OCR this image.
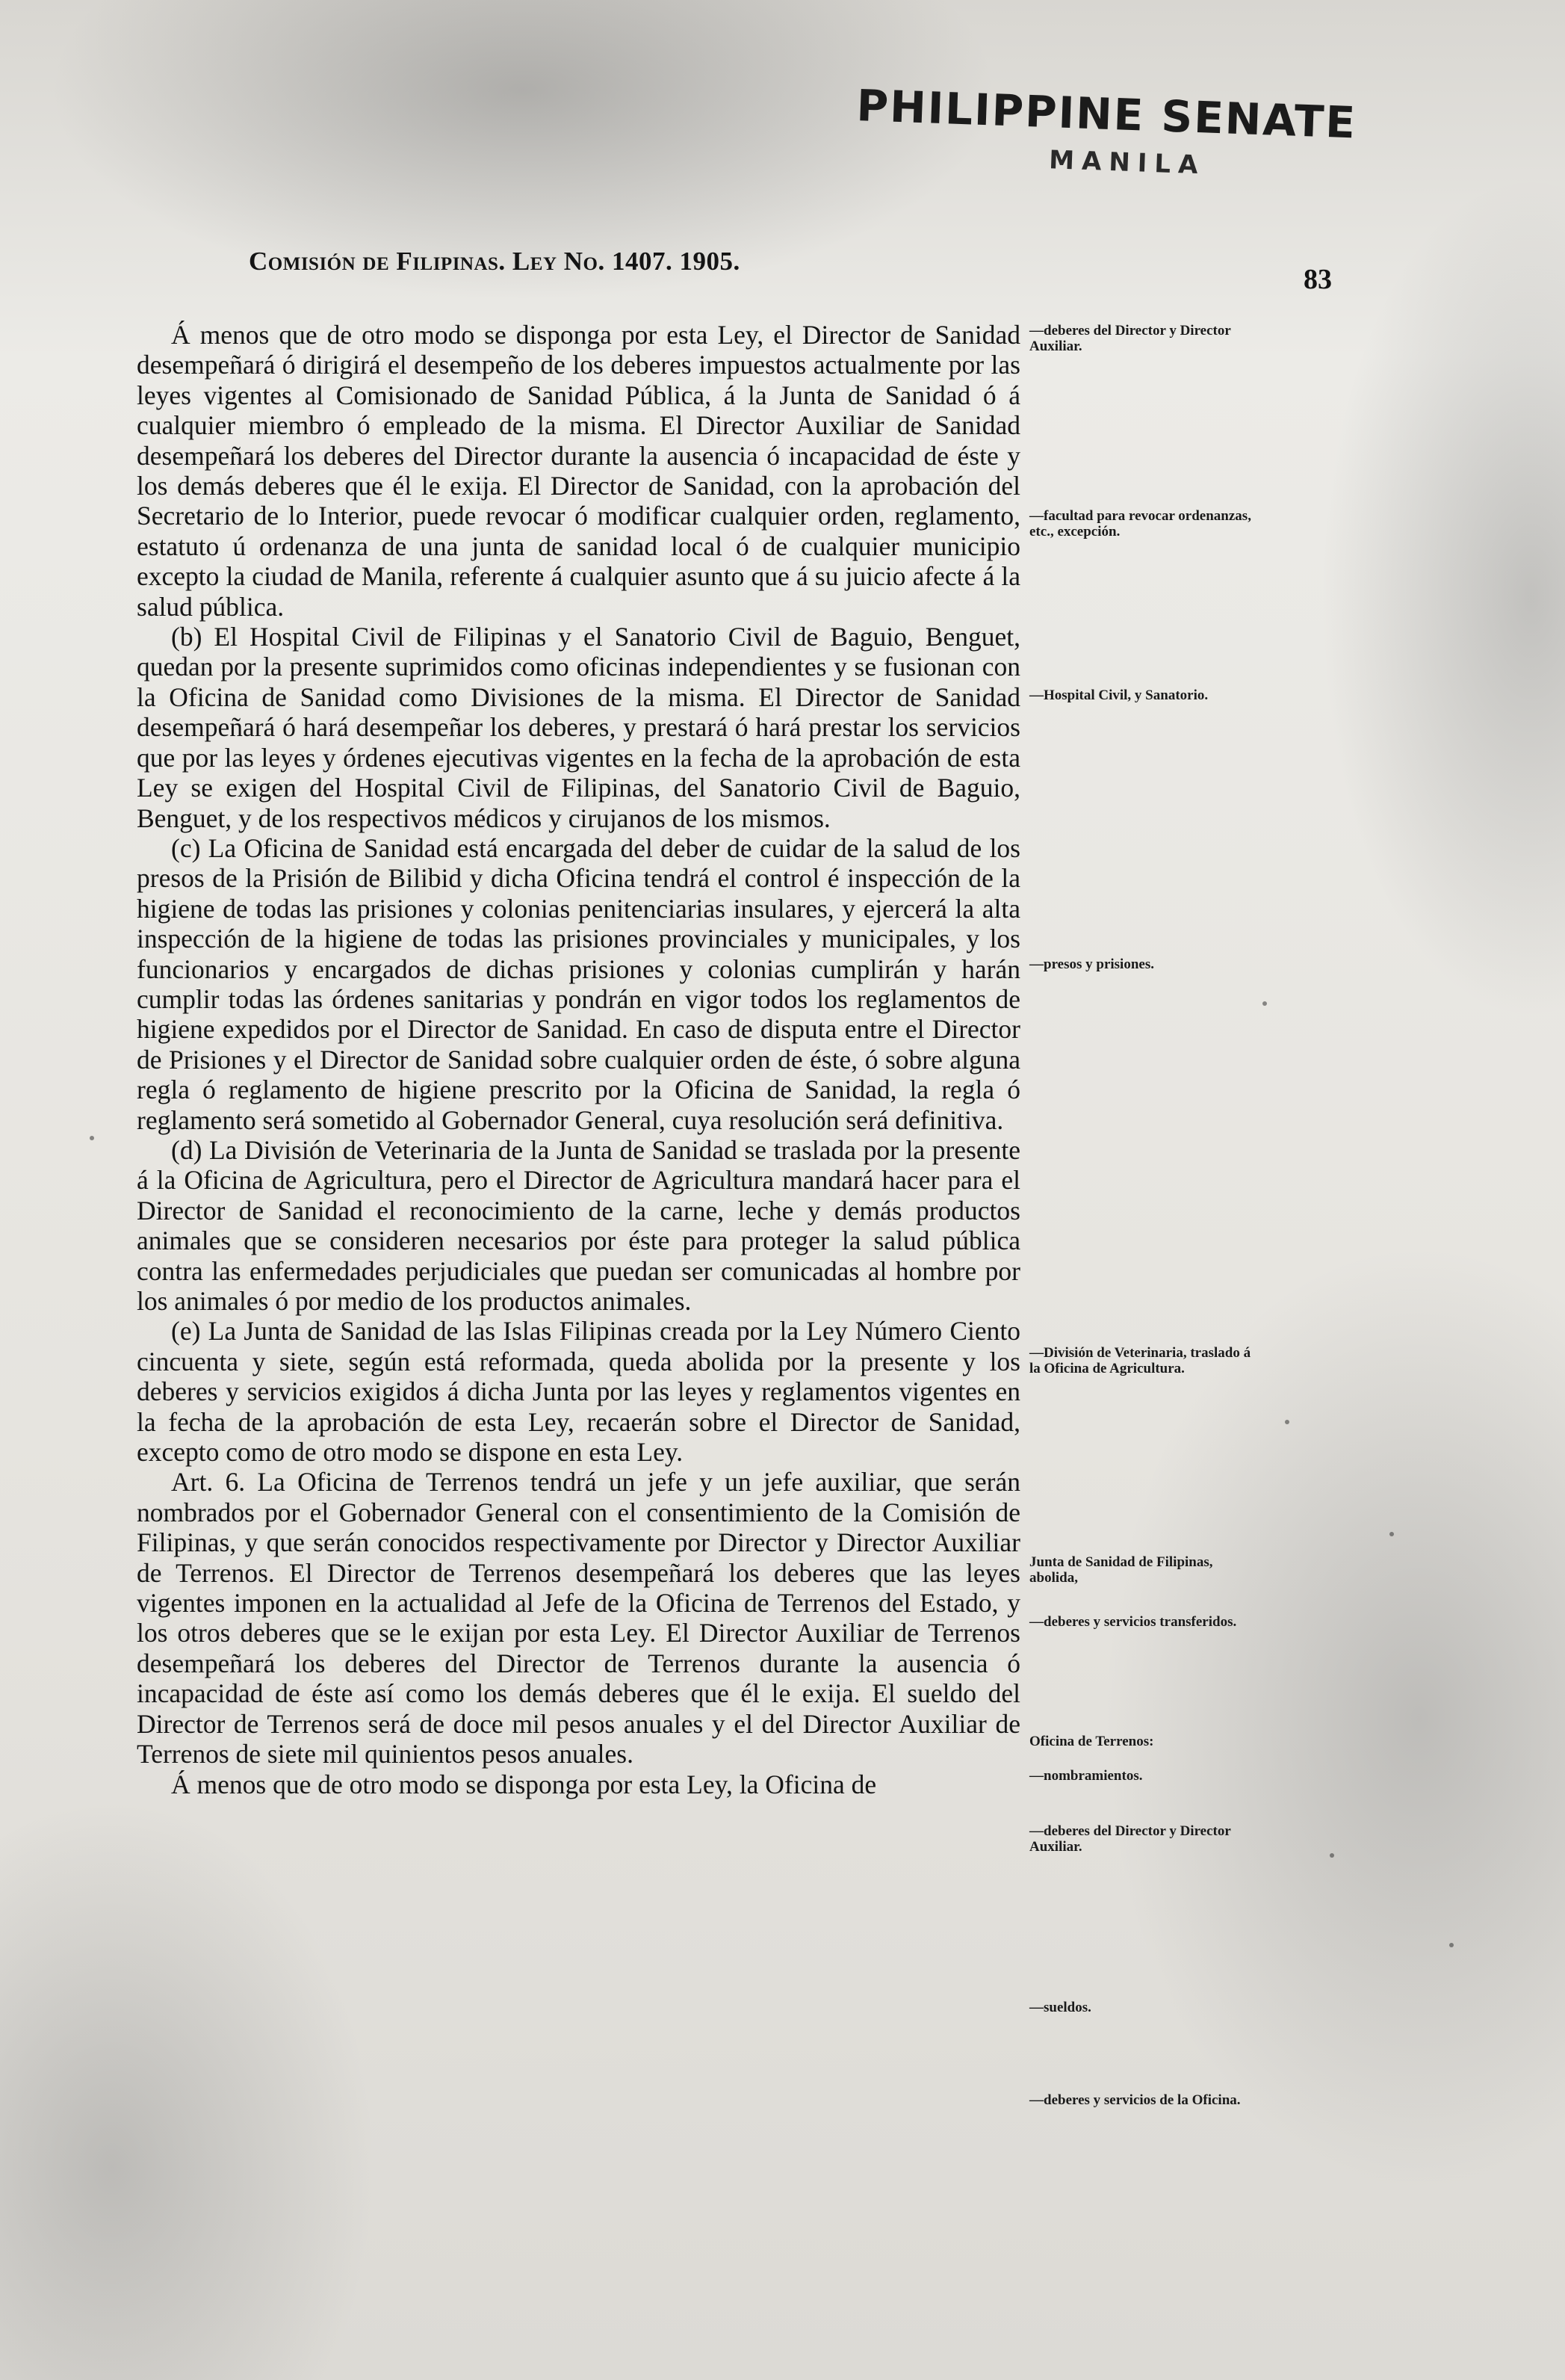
PHILIPPINE SENATE
MANILA
Comisión de Filipinas. Ley No. 1407. 1905.
83

Á menos que de otro modo se disponga por esta Ley, el Director de Sanidad desempeñará ó dirigirá el desempeño de los deberes impuestos actualmente por las leyes vigentes al Comisionado de Sanidad Pública, á la Junta de Sanidad ó á cualquier miembro ó empleado de la misma. El Director Auxiliar de Sanidad desempeñará los deberes del Director durante la ausencia ó incapacidad de éste y los demás deberes que él le exija. El Director de Sanidad, con la aprobación del Secretario de lo Interior, puede revocar ó modificar cualquier orden, reglamento, estatuto ú ordenanza de una junta de sanidad local ó de cualquier municipio excepto la ciudad de Manila, referente á cualquier asunto que á su juicio afecte á la salud pública.

(b) El Hospital Civil de Filipinas y el Sanatorio Civil de Baguio, Benguet, quedan por la presente suprimidos como oficinas independientes y se fusionan con la Oficina de Sanidad como Divisiones de la misma. El Director de Sanidad desempeñará ó hará desempeñar los deberes, y prestará ó hará prestar los servicios que por las leyes y órdenes ejecutivas vigentes en la fecha de la aprobación de esta Ley se exigen del Hospital Civil de Filipinas, del Sanatorio Civil de Baguio, Benguet, y de los respectivos médicos y cirujanos de los mismos.

(c) La Oficina de Sanidad está encargada del deber de cuidar de la salud de los presos de la Prisión de Bilibid y dicha Oficina tendrá el control é inspección de la higiene de todas las prisiones y colonias penitenciarias insulares, y ejercerá la alta inspección de la higiene de todas las prisiones provinciales y municipales, y los funcionarios y encargados de dichas prisiones y colonias cumplirán y harán cumplir todas las órdenes sanitarias y pondrán en vigor todos los reglamentos de higiene expedidos por el Director de Sanidad. En caso de disputa entre el Director de Prisiones y el Director de Sanidad sobre cualquier orden de éste, ó sobre alguna regla ó reglamento de higiene prescrito por la Oficina de Sanidad, la regla ó reglamento será sometido al Gobernador General, cuya resolución será definitiva.

(d) La División de Veterinaria de la Junta de Sanidad se traslada por la presente á la Oficina de Agricultura, pero el Director de Agricultura mandará hacer para el Director de Sanidad el reconocimiento de la carne, leche y demás productos animales que se consideren necesarios por éste para proteger la salud pública contra las enfermedades perjudiciales que puedan ser comunicadas al hombre por los animales ó por medio de los productos animales.

(e) La Junta de Sanidad de las Islas Filipinas creada por la Ley Número Ciento cincuenta y siete, según está reformada, queda abolida por la presente y los deberes y servicios exigidos á dicha Junta por las leyes y reglamentos vigentes en la fecha de la aprobación de esta Ley, recaerán sobre el Director de Sanidad, excepto como de otro modo se dispone en esta Ley.

Art. 6. La Oficina de Terrenos tendrá un jefe y un jefe auxiliar, que serán nombrados por el Gobernador General con el consentimiento de la Comisión de Filipinas, y que serán conocidos respectivamente por Director y Director Auxiliar de Terrenos. El Director de Terrenos desempeñará los deberes que las leyes vigentes imponen en la actualidad al Jefe de la Oficina de Terrenos del Estado, y los otros deberes que se le exijan por esta Ley. El Director Auxiliar de Terrenos desempeñará los deberes del Director de Terrenos durante la ausencia ó incapacidad de éste así como los demás deberes que él le exija. El sueldo del Director de Terrenos será de doce mil pesos anuales y el del Director Auxiliar de Terrenos de siete mil quinientos pesos anuales.

Á menos que de otro modo se disponga por esta Ley, la Oficina de

—deberes del Director y Director Auxiliar.
—facultad para revocar ordenanzas, etc., excepción.
—Hospital Civil, y Sanatorio.
—presos y prisiones.
—División de Veterinaria, traslado á la Oficina de Agricultura.
Junta de Sanidad de Filipinas, abolida,
—deberes y servicios transferidos.
Oficina de Terrenos:
—nombramientos.
—deberes del Director y Director Auxiliar.
—sueldos.
—deberes y servicios de la Oficina.
